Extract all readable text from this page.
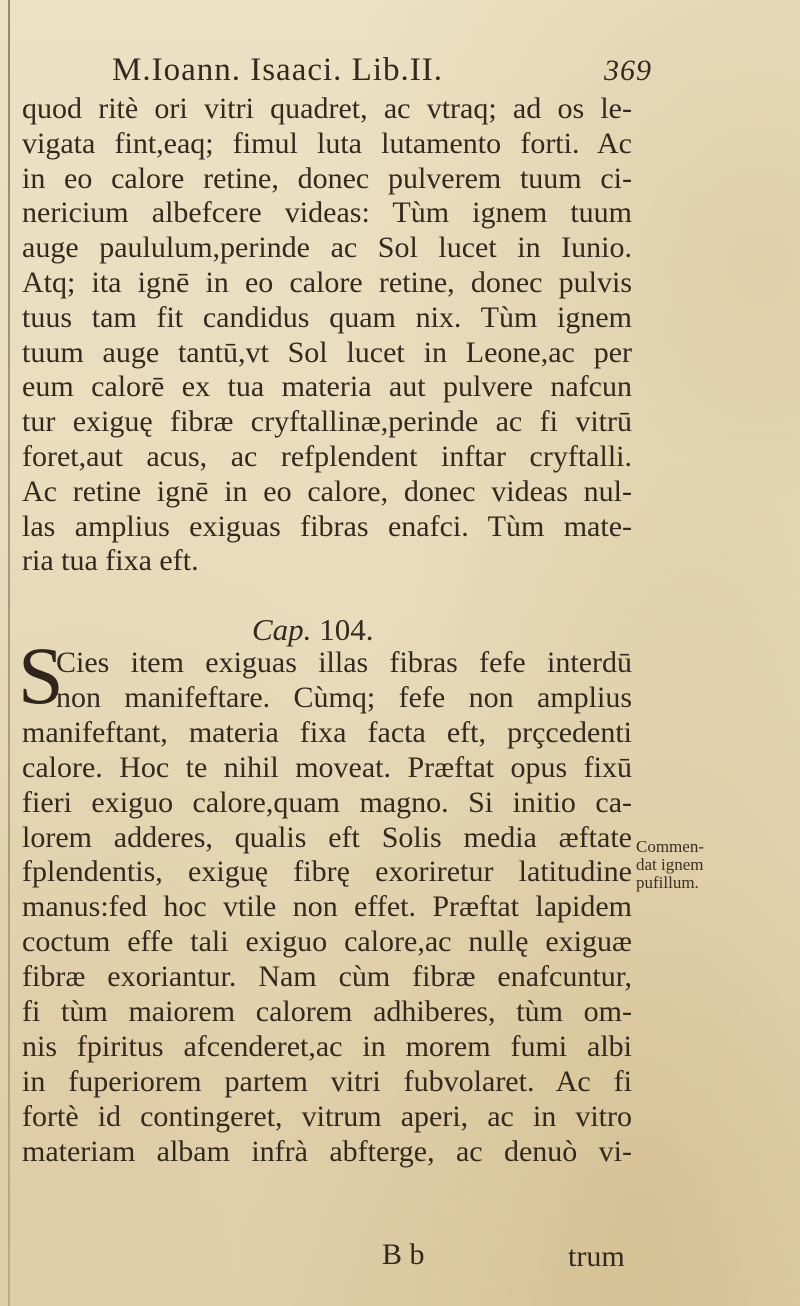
M.Ioann. Isaaci. Lib.II.	369
quod ritè ori vitri quadret, ac vtraq; ad os le-
vigata fint,eaq; fimul luta lutamento forti. Ac
in eo calore retine, donec pulverem tuum ci-
nericium albefcere videas: Tùm ignem tuum
auge paululum,perinde ac Sol lucet in Iunio.
Atq; ita ignē in eo calore retine, donec pulvis
tuus tam fit candidus quam nix. Tùm ignem
tuum auge tantū,vt Sol lucet in Leone,ac per
eum calorē ex tua materia aut pulvere nafcun
tur exiguę fibræ cryftallinæ,perinde ac fi vitrū
foret,aut acus, ac refplendent inftar cryftalli.
Ac retine ignē in eo calore, donec videas nul-
las amplius exiguas fibras enafci. Tùm mate-
ria tua fixa eft.
Cap. 104.
S
Cies item exiguas illas fibras fefe interdū
non manifeftare. Cùmq; fefe non amplius
manifeftant, materia fixa facta eft, prçcedenti
calore. Hoc te nihil moveat. Præftat opus fixū
fieri exiguo calore,quam magno. Si initio ca-
lorem adderes, qualis eft Solis media æftate
fplendentis, exiguę fibrę exoriretur latitudine
manus:fed hoc vtile non effet. Præftat lapidem
coctum effe tali exiguo calore,ac nullę exiguæ
fibræ exoriantur. Nam cùm fibræ enafcuntur,
fi tùm maiorem calorem adhiberes, tùm om-
nis fpiritus afcenderet,ac in morem fumi albi
in fuperiorem partem vitri fubvolaret. Ac fi
fortè id contingeret, vitrum aperi, ac in vitro
materiam albam infrà abfterge, ac denuò vi-
Commen-
dat ignem
pufillum.
B b	trum
